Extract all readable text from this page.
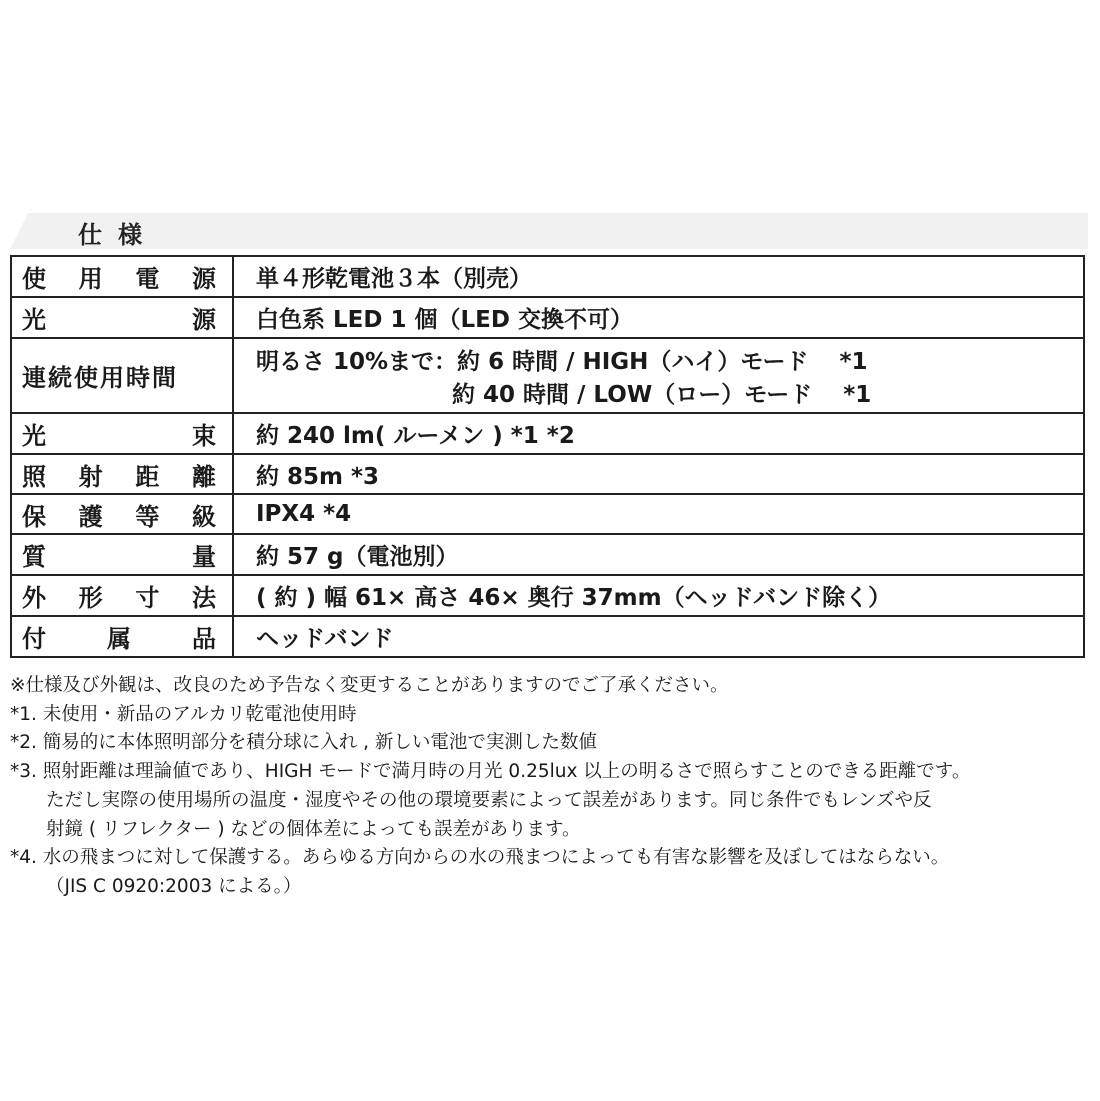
仕様
使 用 電 源 単４形乾電池３本（別売）
光	源 白色系 LED 1 個（LED 交換不可）
連続使用時間
明るさ 10%まで：約 6 時間 / HIGH（ハイ）モード　 *1
約 40 時間 / LOW（ロー）モード　 *1
光	束 約 240 lm( ルーメン ) *1 *2
照 射 距 離 約 85m *3
保 護 等 級 IPX4 *4
質	量 約 57 g（電池別）
外 形 寸 法 ( 約 ) 幅 61× 高さ 46× 奥行 37mm（ヘッドバンド除く）
付	属	品 ヘッドバンド
※仕様及び外観は、改良のため予告なく変更することがありますのでご了承ください。
*1. 未使用・新品のアルカリ乾電池使用時
*2. 簡易的に本体照明部分を積分球に入れ , 新しい電池で実測した数値
*3. 照射距離は理論値であり、HIGH モードで満月時の月光 0.25lux 以上の明るさで照らすことのできる距離です。
ただし実際の使用場所の温度・湿度やその他の環境要素によって誤差があります。同じ条件でもレンズや反
射鏡 ( リフレクター ) などの個体差によっても誤差があります。
*4. 水の飛まつに対して保護する。あらゆる方向からの水の飛まつによっても有害な影響を及ぼしてはならない。
（JIS C 0920:2003 による。）
